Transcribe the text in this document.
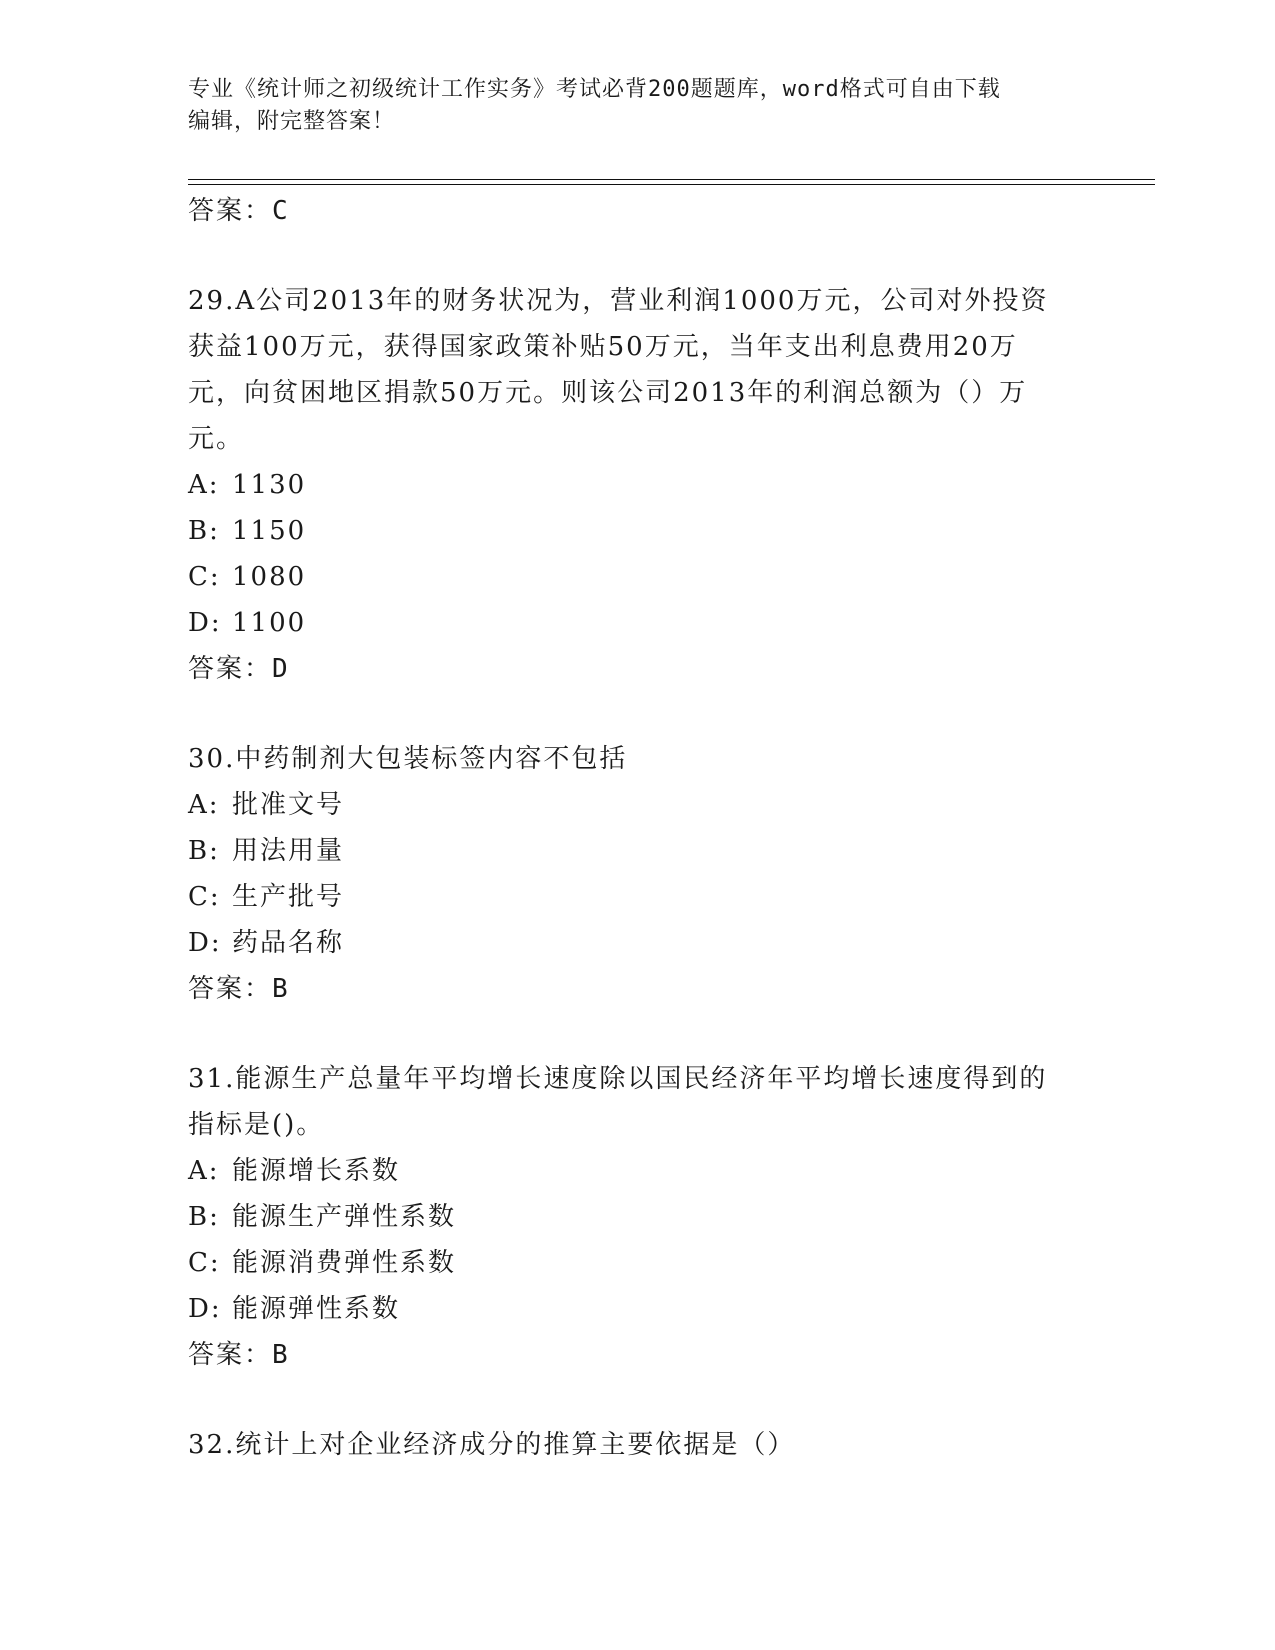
专业《统计师之初级统计工作实务》考试必背200题题库，word格式可自由下载
编辑，附完整答案！
答案：C
29.A公司2013年的财务状况为，营业利润1000万元，公司对外投资
获益100万元，获得国家政策补贴50万元，当年支出利息费用20万
元，向贫困地区捐款50万元。则该公司2013年的利润总额为（）万
元。
A: 1130
B: 1150
C: 1080
D: 1100
答案：D
30.中药制剂大包装标签内容不包括
A: 批准文号
B: 用法用量
C: 生产批号
D: 药品名称
答案：B
31.能源生产总量年平均增长速度除以国民经济年平均增长速度得到的
指标是()。
A: 能源增长系数
B: 能源生产弹性系数
C: 能源消费弹性系数
D: 能源弹性系数
答案：B
32.统计上对企业经济成分的推算主要依据是（）
